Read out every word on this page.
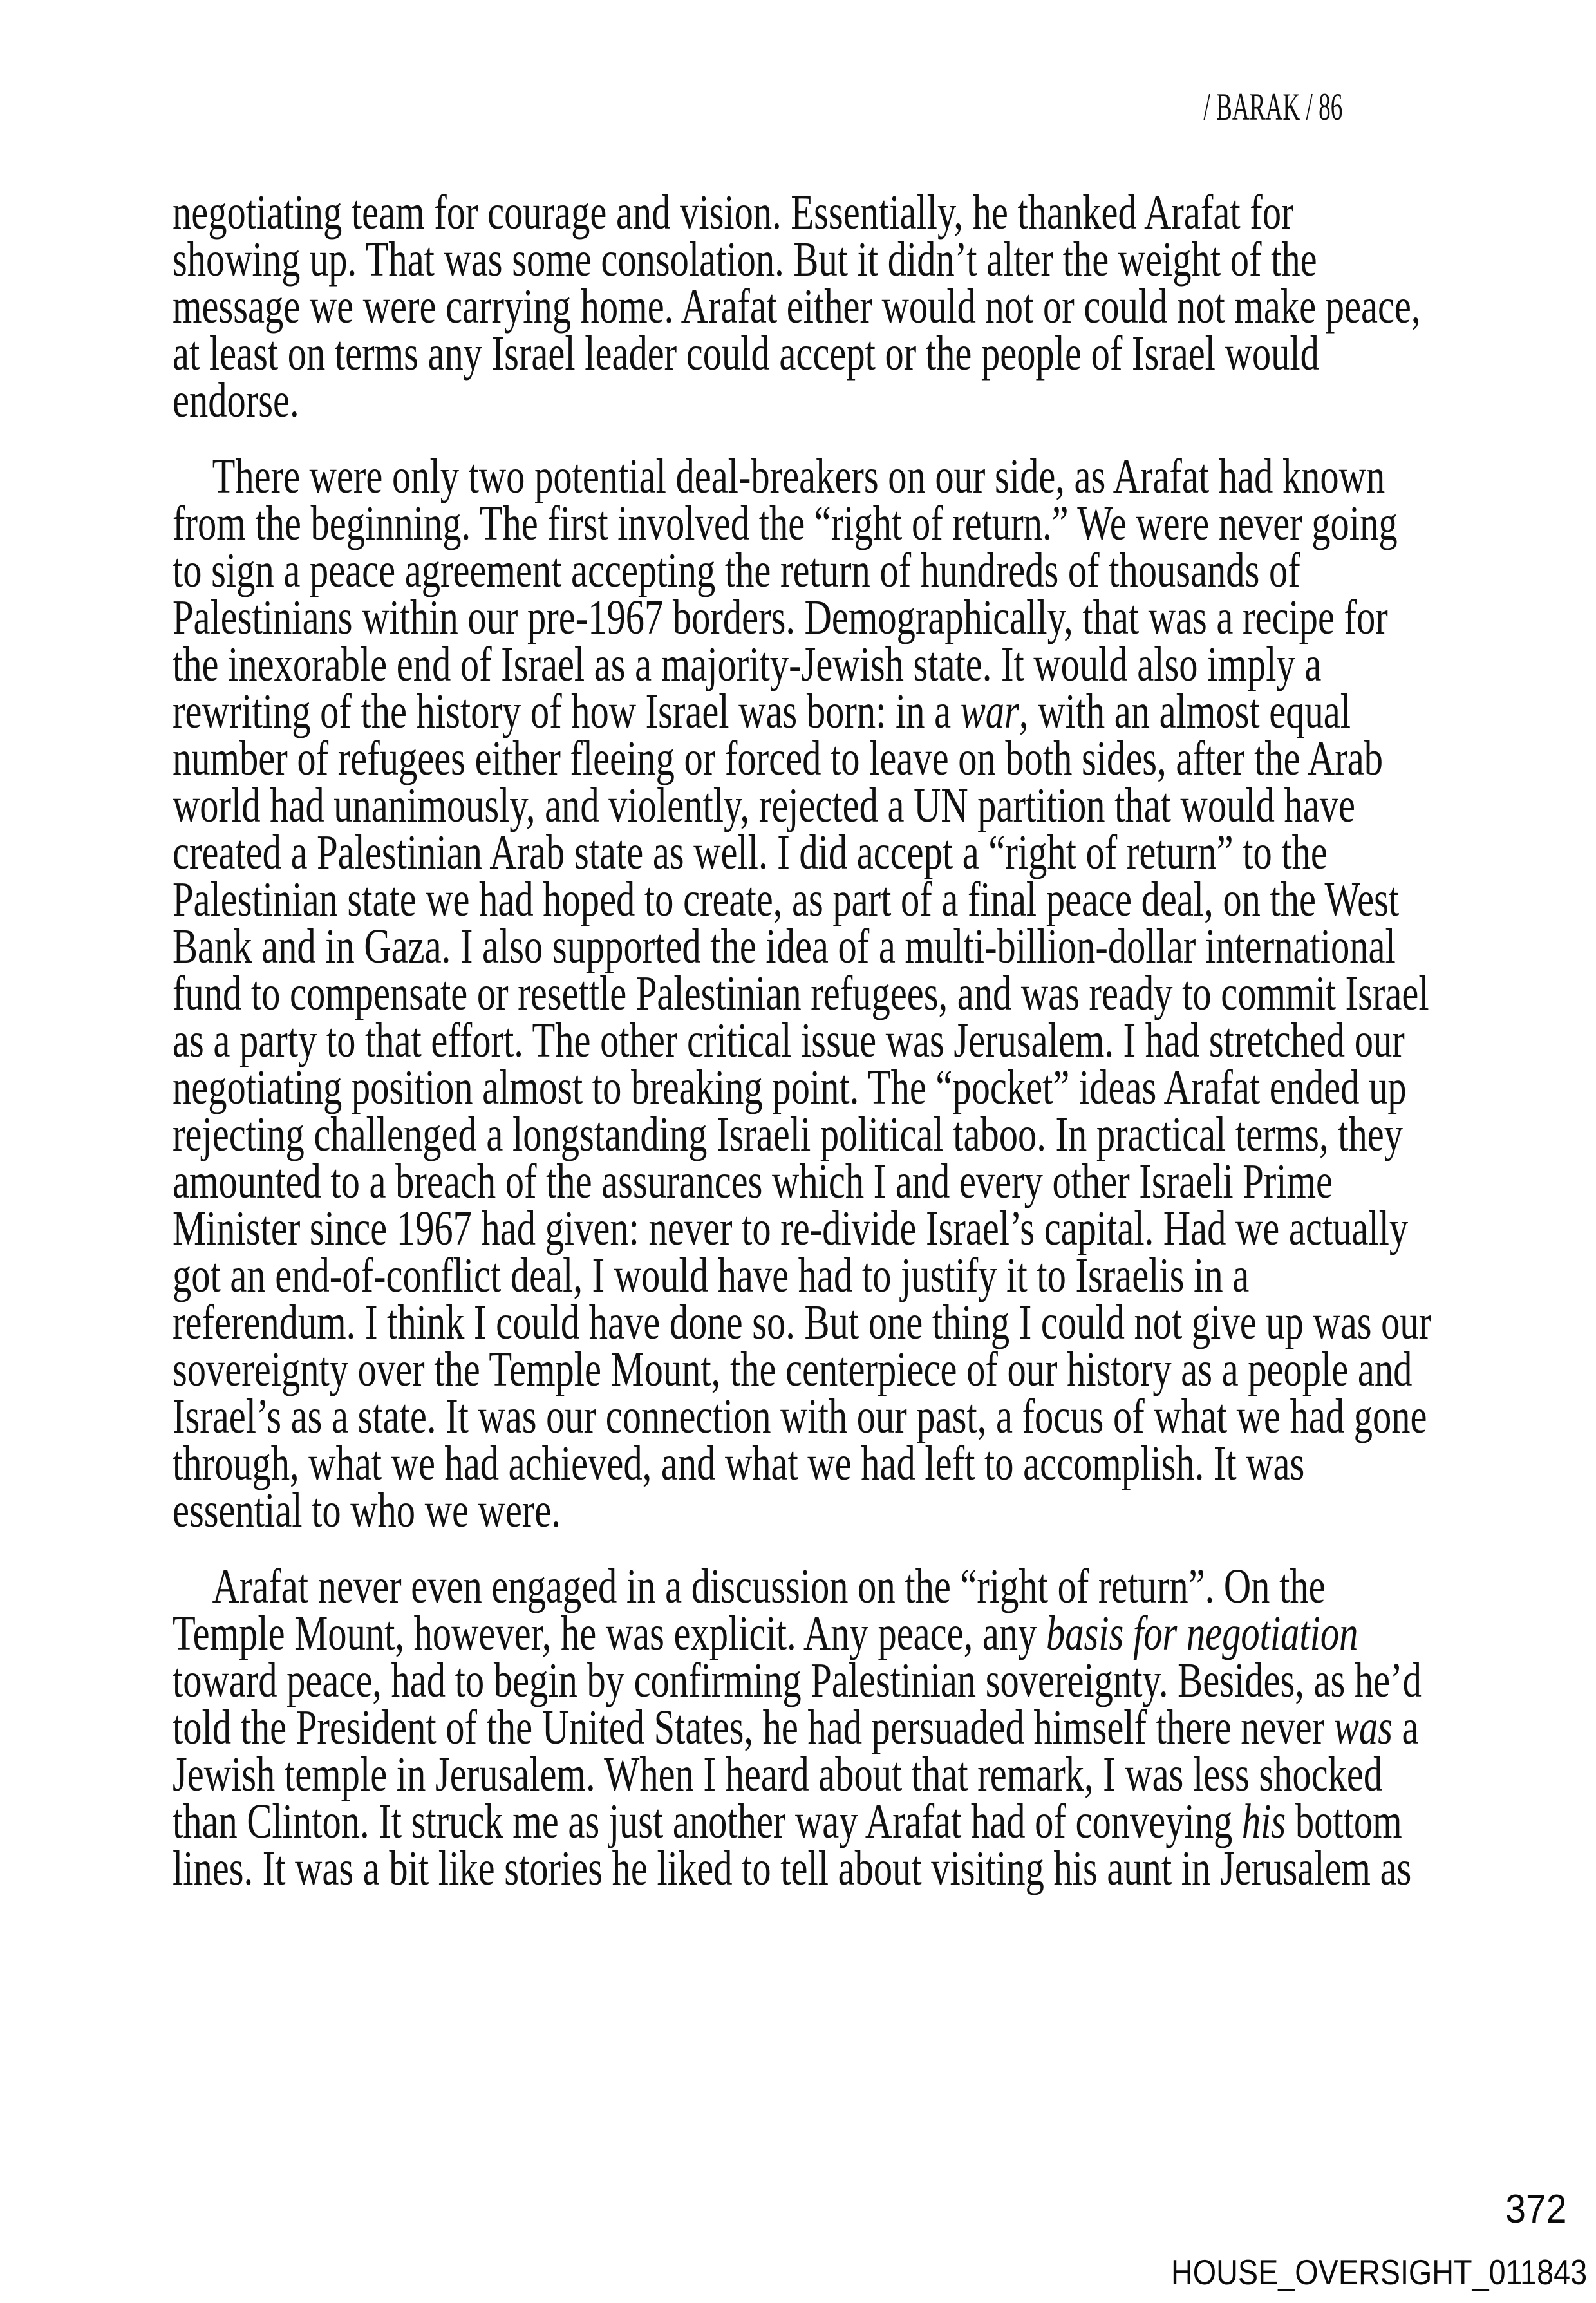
/ BARAK / 86
negotiating team for courage and vision. Essentially, he thanked Arafat for
showing up. That was some consolation. But it didn’t alter the weight of the
message we were carrying home. Arafat either would not or could not make peace,
at least on terms any Israel leader could accept or the people of Israel would
endorse.
There were only two potential deal-breakers on our side, as Arafat had known
from the beginning. The first involved the “right of return.” We were never going
to sign a peace agreement accepting the return of hundreds of thousands of
Palestinians within our pre-1967 borders. Demographically, that was a recipe for
the inexorable end of Israel as a majority-Jewish state. It would also imply a
rewriting of the history of how Israel was born: in a war, with an almost equal
number of refugees either fleeing or forced to leave on both sides, after the Arab
world had unanimously, and violently, rejected a UN partition that would have
created a Palestinian Arab state as well. I did accept a “right of return” to the
Palestinian state we had hoped to create, as part of a final peace deal, on the West
Bank and in Gaza. I also supported the idea of a multi-billion-dollar international
fund to compensate or resettle Palestinian refugees, and was ready to commit Israel
as a party to that effort. The other critical issue was Jerusalem. I had stretched our
negotiating position almost to breaking point. The “pocket” ideas Arafat ended up
rejecting challenged a longstanding Israeli political taboo. In practical terms, they
amounted to a breach of the assurances which I and every other Israeli Prime
Minister since 1967 had given: never to re-divide Israel’s capital. Had we actually
got an end-of-conflict deal, I would have had to justify it to Israelis in a
referendum. I think I could have done so. But one thing I could not give up was our
sovereignty over the Temple Mount, the centerpiece of our history as a people and
Israel’s as a state. It was our connection with our past, a focus of what we had gone
through, what we had achieved, and what we had left to accomplish. It was
essential to who we were.
Arafat never even engaged in a discussion on the “right of return”. On the
Temple Mount, however, he was explicit. Any peace, any basis for negotiation
toward peace, had to begin by confirming Palestinian sovereignty. Besides, as he’d
told the President of the United States, he had persuaded himself there never was a
Jewish temple in Jerusalem. When I heard about that remark, I was less shocked
than Clinton. It struck me as just another way Arafat had of conveying his bottom
lines. It was a bit like stories he liked to tell about visiting his aunt in Jerusalem as
372
HOUSE_OVERSIGHT_011843
